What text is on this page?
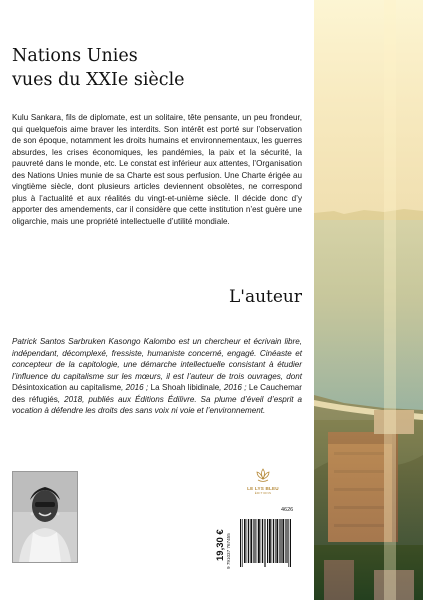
Nations Unies
vues du XXIe siècle

Kulu Sankara, fils de diplomate, est un solitaire, tête pensante, un peu frondeur, qui quelquefois aime braver les interdits. Son intérêt est porté sur l’observation de son époque, notamment les droits humains et environnementaux, les guerres absurdes, les crises économiques, les pandémies, la paix et la sécurité, la pauvreté dans le monde, etc. Le constat est inférieur aux attentes, l’Organisation des Nations Unies munie de sa Charte est sous perfusion. Une Charte érigée au vingtième siècle, dont plusieurs articles deviennent obsolètes, ne correspond plus à l’actualité et aux réalités du vingt-et-unième siècle. Il décide donc d’y apporter des amendements, car il considère que cette institution n’est guère une oligarchie, mais une propriété intellectuelle d’utilité mondiale.

L'auteur

Patrick Santos Sarbruken Kasongo Kalombo est un chercheur et écrivain libre, indépendant, décomplexé, fressiste, humaniste concerné, engagé. Cinéaste et concepteur de la capitologie, une démarche intellectuelle consistant à étudier l’influence du capitalisme sur les mœurs, il est l’auteur de trois ouvrages, dont Désintoxication au capitalisme, 2016 ; La Shoah libidinale, 2016 ; Le Cauchemar des réfugiés, 2018, publiés aux Éditions Édilivre. Sa plume d’éveil d’esprit a vocation à défendre les droits des sans voix ni voie et l’environnement.

LE LYS BLEU
ÉDITIONS
4626
19,30 € 9 791037 767455
